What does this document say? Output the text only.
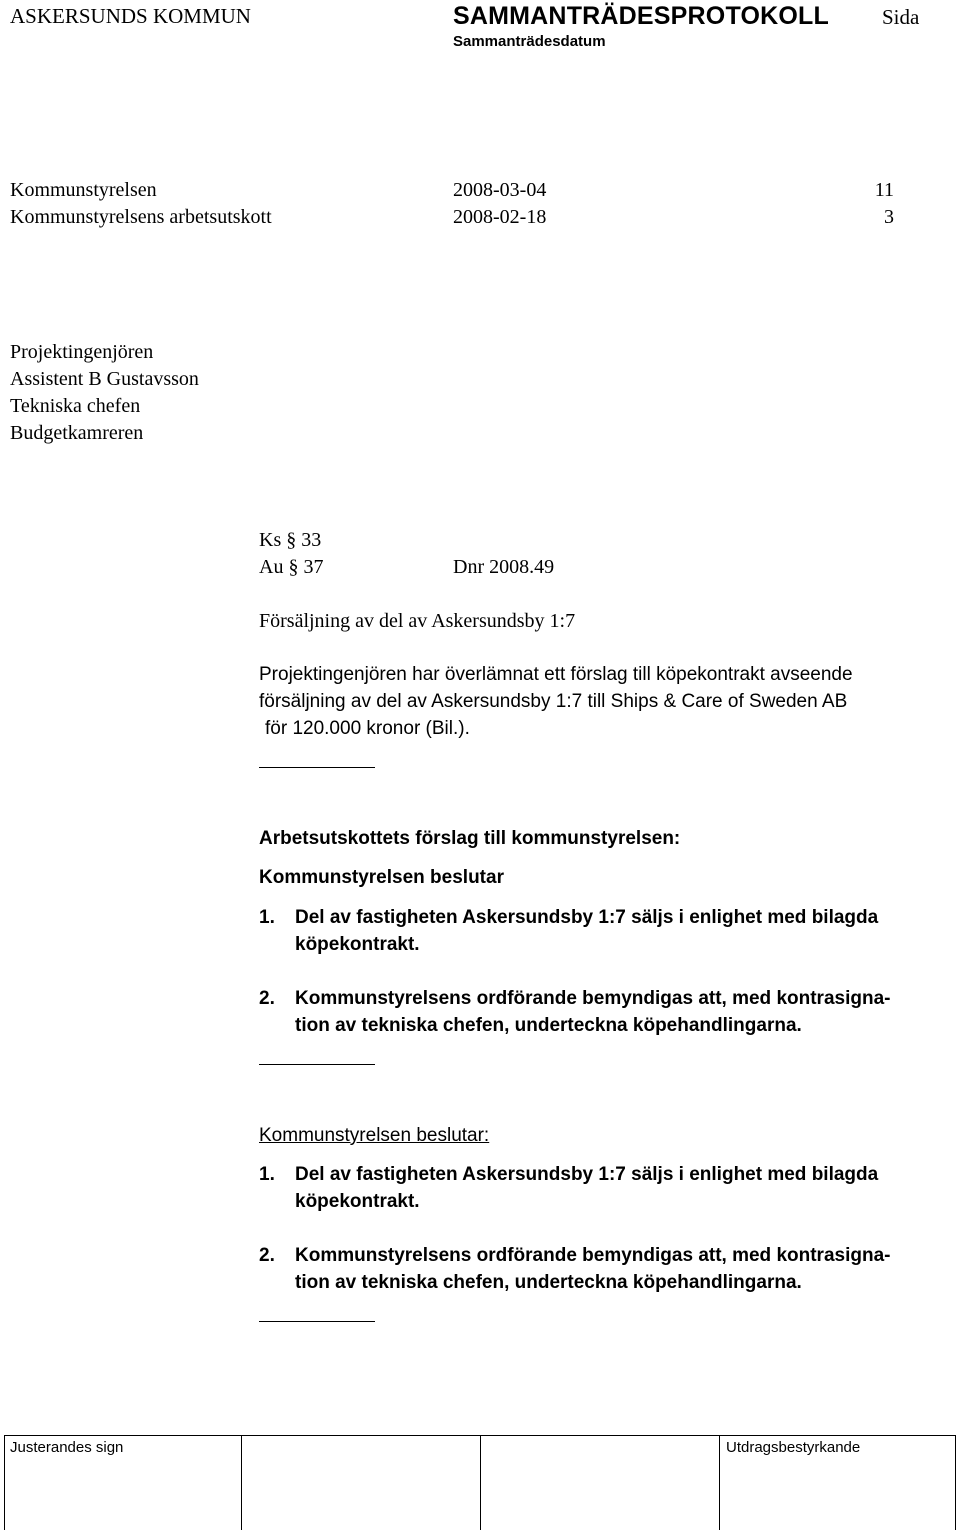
ASKERSUNDS KOMMUN	SAMMANTRÄDESPROTOKOLL	Sida
Sammanträdesdatum
Kommunstyrelsen	2008-03-04	11
Kommunstyrelsens arbetsutskott	2008-02-18	3
Projektingenjören
Assistent B Gustavsson
Tekniska chefen
Budgetkamreren
Ks § 33
Au § 37	Dnr 2008.49
Försäljning av del av Askersundsby 1:7
Projektingenjören har överlämnat ett förslag till köpekontrakt avseende
försäljning av del av Askersundsby 1:7 till Ships & Care of Sweden AB
för 120.000 kronor (Bil.).
Arbetsutskottets förslag till kommunstyrelsen:
Kommunstyrelsen beslutar
1. Del av fastigheten Askersundsby 1:7 säljs i enlighet med bilagda
köpekontrakt.
2. Kommunstyrelsens ordförande bemyndigas att, med kontrasigna-
tion av tekniska chefen, underteckna köpehandlingarna.
Kommunstyrelsen beslutar:
1. Del av fastigheten Askersundsby 1:7 säljs i enlighet med bilagda
köpekontrakt.
2. Kommunstyrelsens ordförande bemyndigas att, med kontrasigna-
tion av tekniska chefen, underteckna köpehandlingarna.
Justerandes sign	Utdragsbestyrkande
